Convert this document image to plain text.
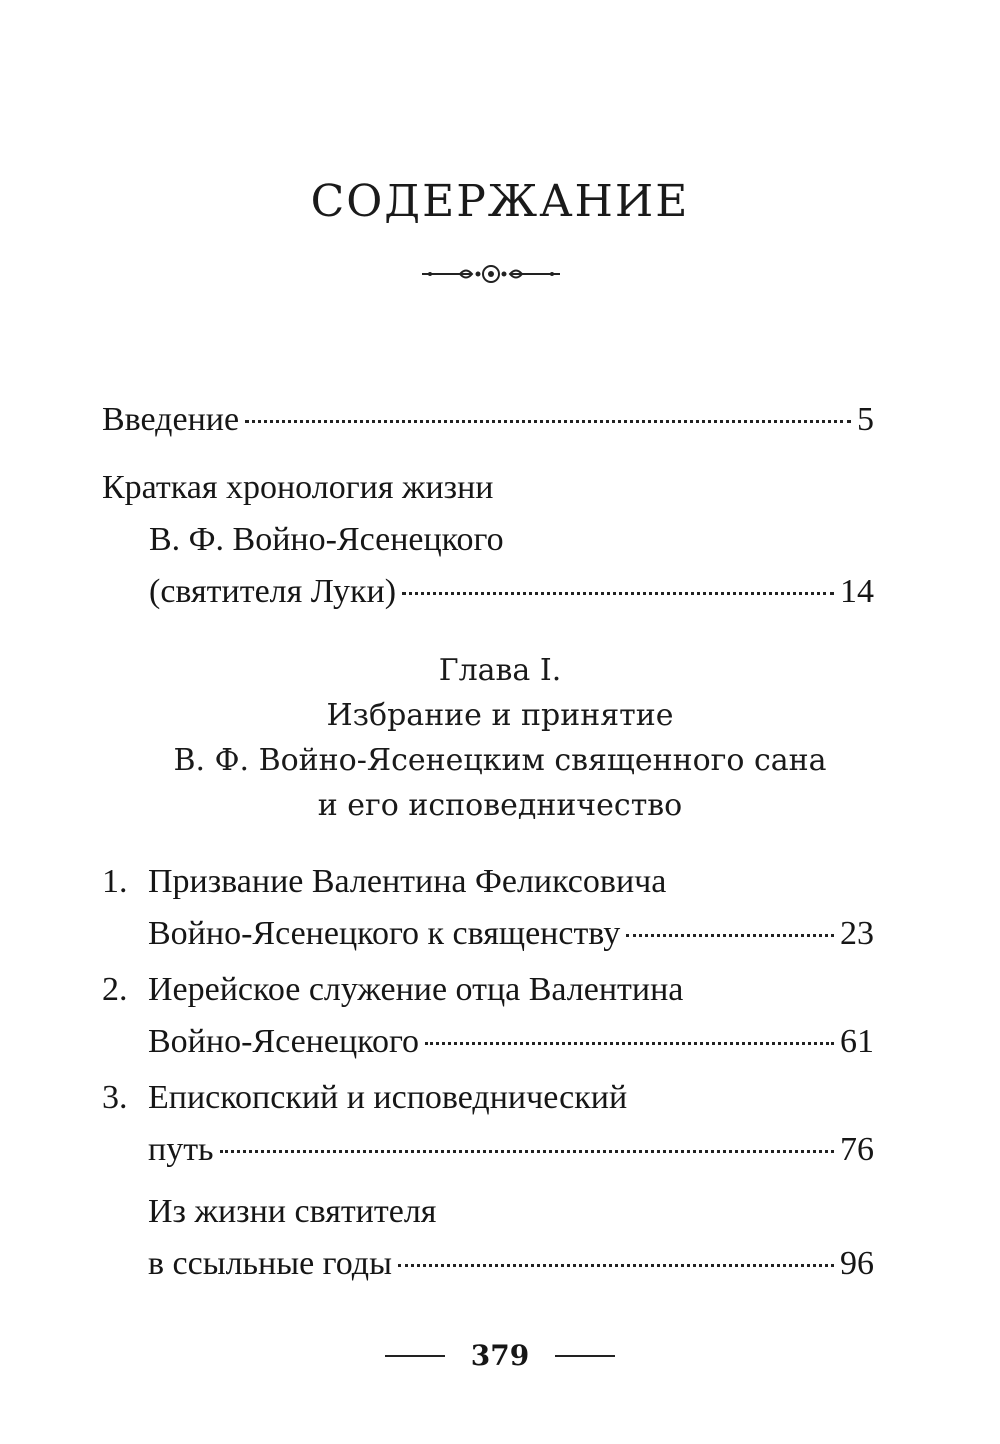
СОДЕРЖАНИЕ
Введение	5
Краткая хронология жизни
В. Ф. Войно-Ясенецкого
(святителя Луки)	14
Глава I.
Избрание и принятие
В. Ф. Войно-Ясенецким священного сана
и его исповедничество
1. Призвание Валентина Феликсовича
Войно-Ясенецкого к священству	23
2. Иерейское служение отца Валентина
Войно-Ясенецкого	61
3. Епископский и исповеднический
путь	76
Из жизни святителя
в ссыльные годы	96
379
